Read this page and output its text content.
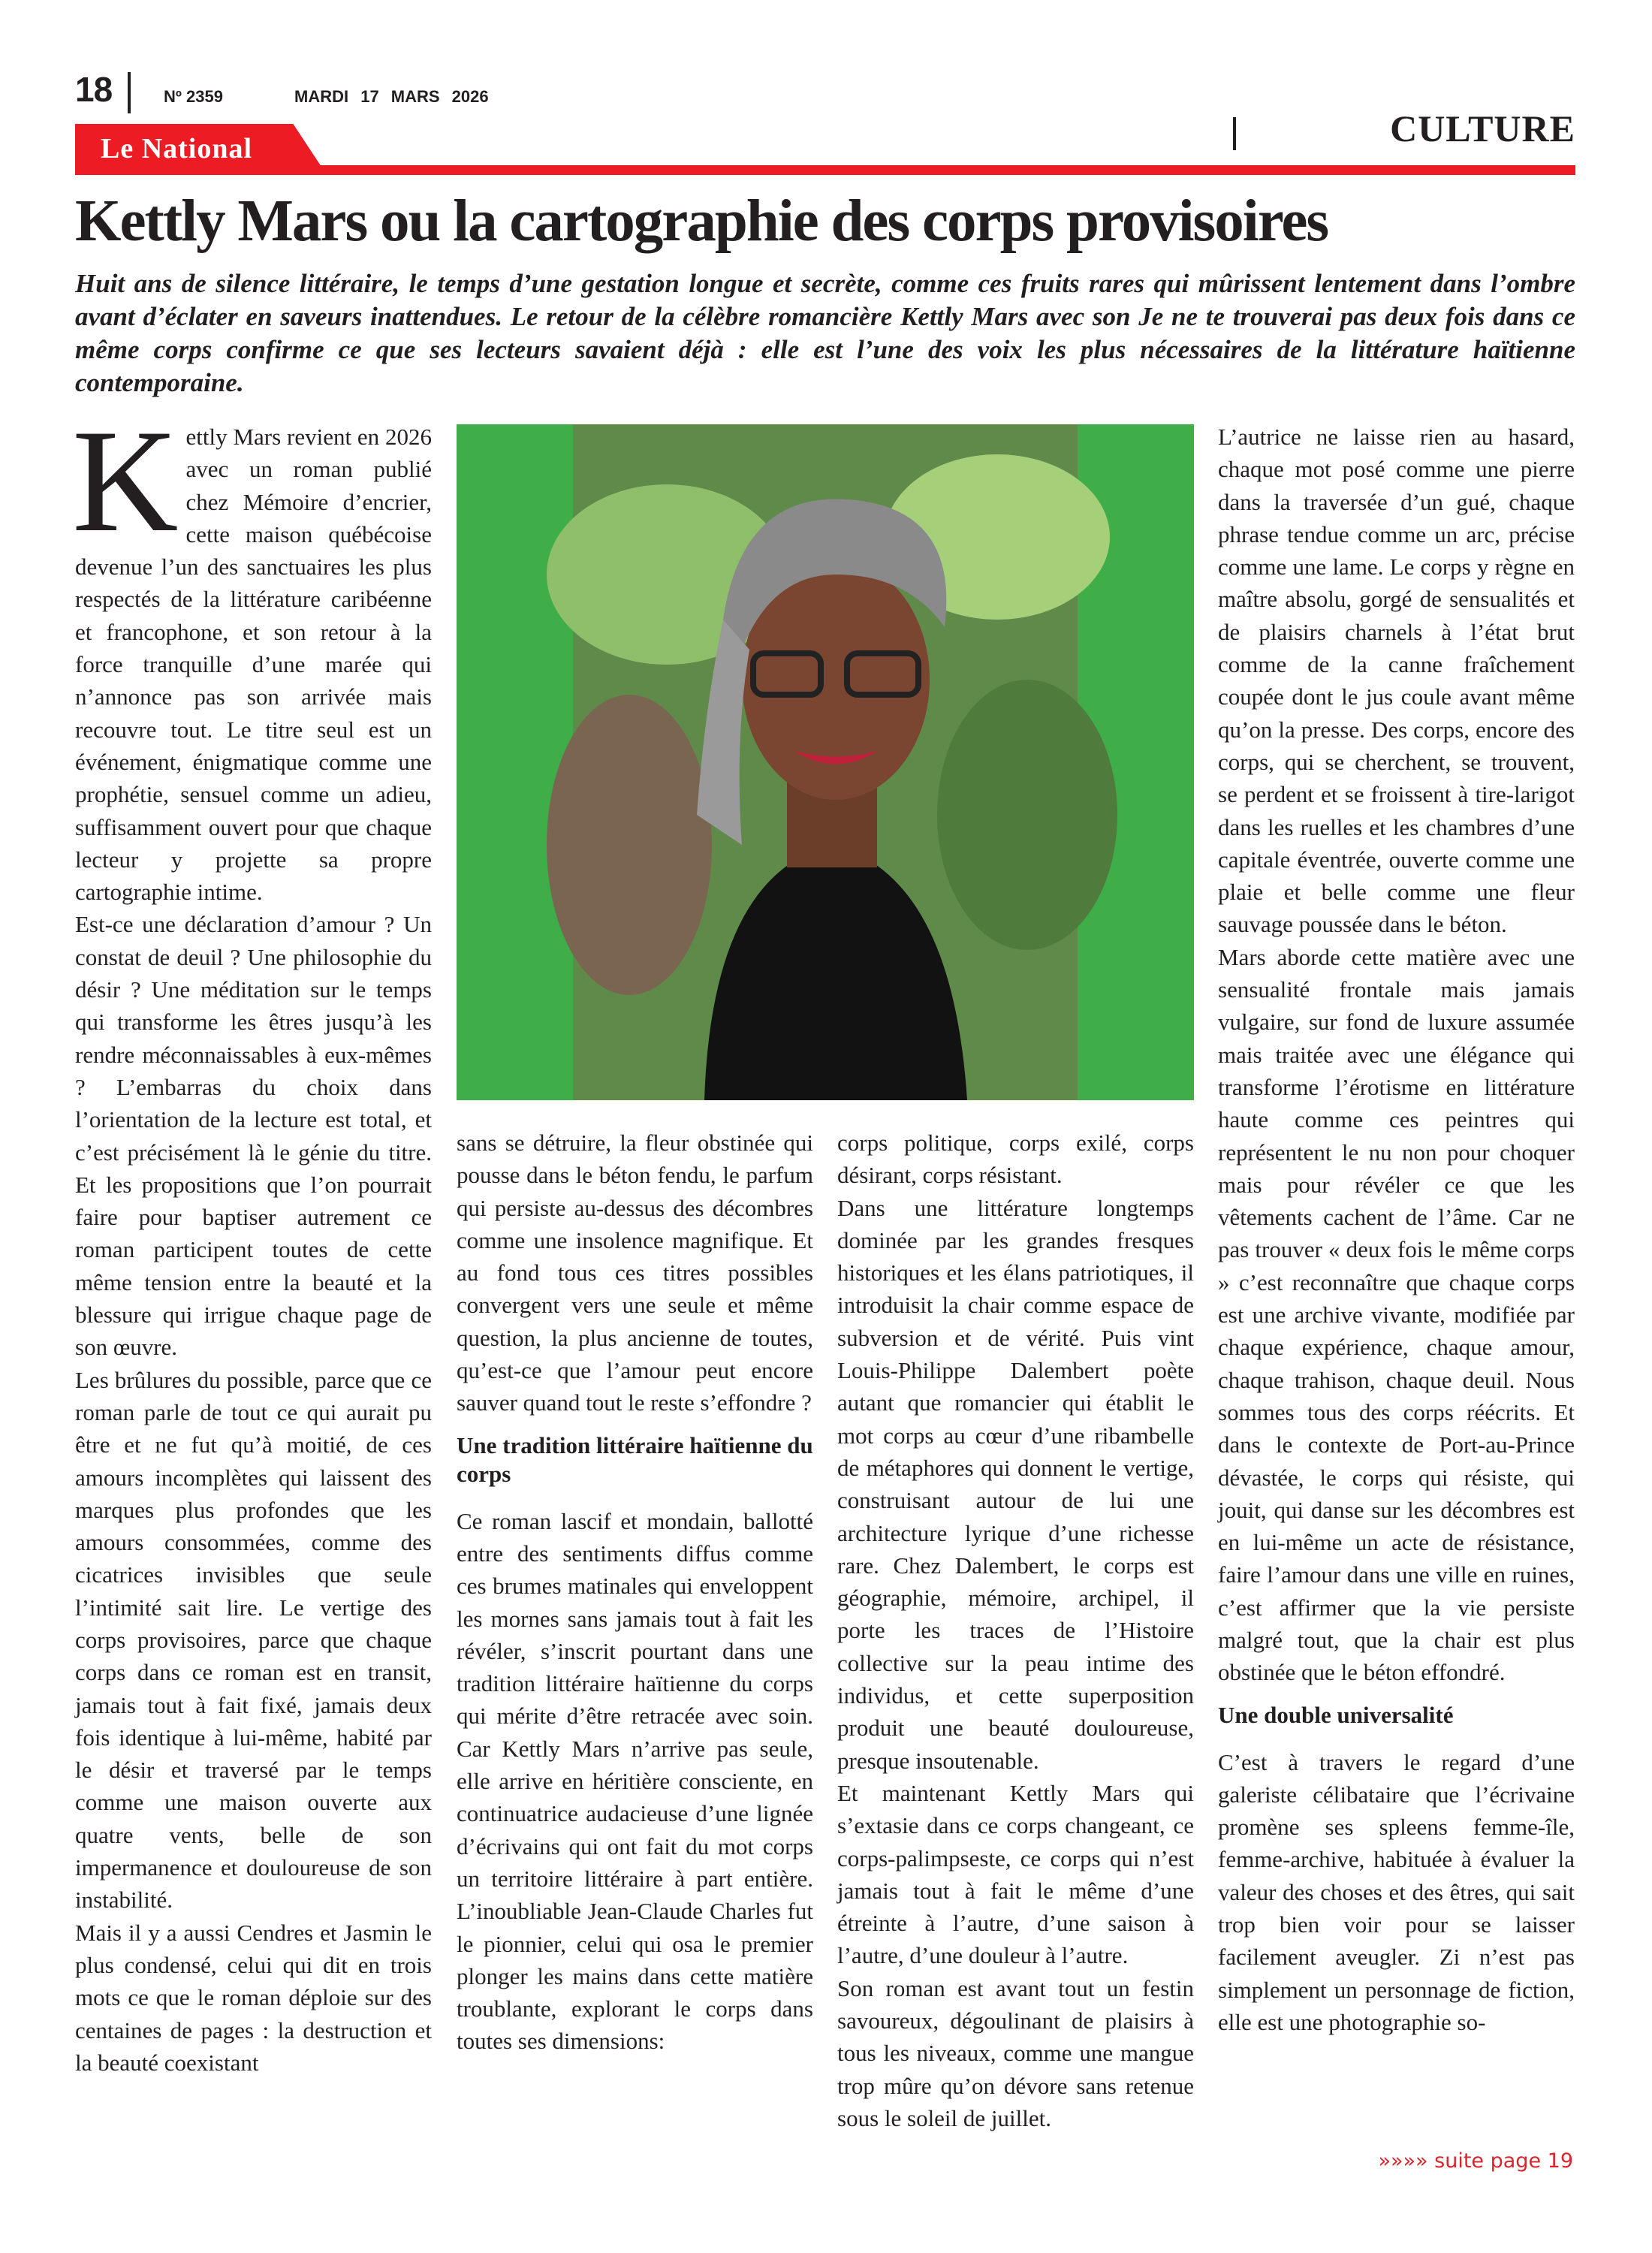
18	Nº 2359	MARDI 17 MARS 2026
Le National	CULTURE
Kettly Mars ou la cartographie des corps provisoires
Huit ans de silence littéraire, le temps d’une gestation longue et secrète, comme ces fruits rares qui mûrissent lentement dans l’ombre avant d’éclater en saveurs inattendues. Le retour de la célèbre romancière Kettly Mars avec son Je ne te trouverai pas deux fois dans ce même corps confirme ce que ses lecteurs savaient déjà : elle est l’une des voix les plus nécessaires de la littérature haïtienne contemporaine.
K ettly Mars revient en 2026 avec un roman publié chez Mémoire d’encrier, cette maison québécoise devenue l’un des sanctuaires les plus respectés de la littérature caribéenne et francophone, et son retour à la force tranquille d’une marée qui n’annonce pas son arrivée mais recouvre tout. Le titre seul est un événement, énigmatique comme une prophétie, sensuel comme un adieu, suffisamment ouvert pour que chaque lecteur y projette sa propre cartographie intime.

Est-ce une déclaration d’amour ? Un constat de deuil ? Une philosophie du désir ? Une méditation sur le temps qui transforme les êtres jusqu’à les rendre méconnaissables à eux-mêmes ? L’embarras du choix dans l’orientation de la lecture est total, et c’est précisément là le génie du titre. Et les propositions que l’on pourrait faire pour baptiser autrement ce roman participent toutes de cette même tension entre la beauté et la blessure qui irrigue chaque page de son œuvre.

Les brûlures du possible, parce que ce roman parle de tout ce qui aurait pu être et ne fut qu’à moitié, de ces amours incomplètes qui laissent des marques plus profondes que les amours consommées, comme des cicatrices invisibles que seule l’intimité sait lire. Le vertige des corps provisoires, parce que chaque corps dans ce roman est en transit, jamais tout à fait fixé, jamais deux fois identique à lui-même, habité par le désir et traversé par le temps comme une maison ouverte aux quatre vents, belle de son impermanence et douloureuse de son instabilité.

Mais il y a aussi Cendres et Jasmin le plus condensé, celui qui dit en trois mots ce que le roman déploie sur des centaines de pages : la destruction et la beauté coexistant

sans se détruire, la fleur obstinée qui pousse dans le béton fendu, le parfum qui persiste au-dessus des décombres comme une insolence magnifique. Et au fond tous ces titres possibles convergent vers une seule et même question, la plus ancienne de toutes, qu’est-ce que l’amour peut encore sauver quand tout le reste s’effondre ?

Une tradition littéraire haïtienne du corps

Ce roman lascif et mondain, ballotté entre des sentiments diffus comme ces brumes matinales qui enveloppent les mornes sans jamais tout à fait les révéler, s’inscrit pourtant dans une tradition littéraire haïtienne du corps qui mérite d’être retracée avec soin. Car Kettly Mars n’arrive pas seule, elle arrive en héritière consciente, en continuatrice audacieuse d’une lignée d’écrivains qui ont fait du mot corps un territoire littéraire à part entière. L’inoubliable Jean-Claude Charles fut le pionnier, celui qui osa le premier plonger les mains dans cette matière troublante, explorant le corps dans toutes ses dimensions:

corps politique, corps exilé, corps désirant, corps résistant.

Dans une littérature longtemps dominée par les grandes fresques historiques et les élans patriotiques, il introduisit la chair comme espace de subversion et de vérité. Puis vint Louis-Philippe Dalembert poète autant que romancier qui établit le mot corps au cœur d’une ribambelle de métaphores qui donnent le vertige, construisant autour de lui une architecture lyrique d’une richesse rare. Chez Dalembert, le corps est géographie, mémoire, archipel, il porte les traces de l’Histoire collective sur la peau intime des individus, et cette superposition produit une beauté douloureuse, presque insoutenable.

Et maintenant Kettly Mars qui s’extasie dans ce corps changeant, ce corps-palimpseste, ce corps qui n’est jamais tout à fait le même d’une étreinte à l’autre, d’une saison à l’autre, d’une douleur à l’autre.

Son roman est avant tout un festin savoureux, dégoulinant de plaisirs à tous les niveaux, comme une mangue trop mûre qu’on dévore sans retenue sous le soleil de juillet.

L’autrice ne laisse rien au hasard, chaque mot posé comme une pierre dans la traversée d’un gué, chaque phrase tendue comme un arc, précise comme une lame. Le corps y règne en maître absolu, gorgé de sensualités et de plaisirs charnels à l’état brut comme de la canne fraîchement coupée dont le jus coule avant même qu’on la presse. Des corps, encore des corps, qui se cherchent, se trouvent, se perdent et se froissent à tire-larigot dans les ruelles et les chambres d’une capitale éventrée, ouverte comme une plaie et belle comme une fleur sauvage poussée dans le béton.

Mars aborde cette matière avec une sensualité frontale mais jamais vulgaire, sur fond de luxure assumée mais traitée avec une élégance qui transforme l’érotisme en littérature haute comme ces peintres qui représentent le nu non pour choquer mais pour révéler ce que les vêtements cachent de l’âme. Car ne pas trouver « deux fois le même corps » c’est reconnaître que chaque corps est une archive vivante, modifiée par chaque expérience, chaque amour, chaque trahison, chaque deuil. Nous sommes tous des corps réécrits. Et dans le contexte de Port-au-Prince dévastée, le corps qui résiste, qui jouit, qui danse sur les décombres est en lui-même un acte de résistance, faire l’amour dans une ville en ruines, c’est affirmer que la vie persiste malgré tout, que la chair est plus obstinée que le béton effondré.

Une double universalité

C’est à travers le regard d’une galeriste célibataire que l’écrivaine promène ses spleens femme-île, femme-archive, habituée à évaluer la valeur des choses et des êtres, qui sait trop bien voir pour se laisser facilement aveugler. Zi n’est pas simplement un personnage de fiction, elle est une photographie so-

»»»» suite page 19
